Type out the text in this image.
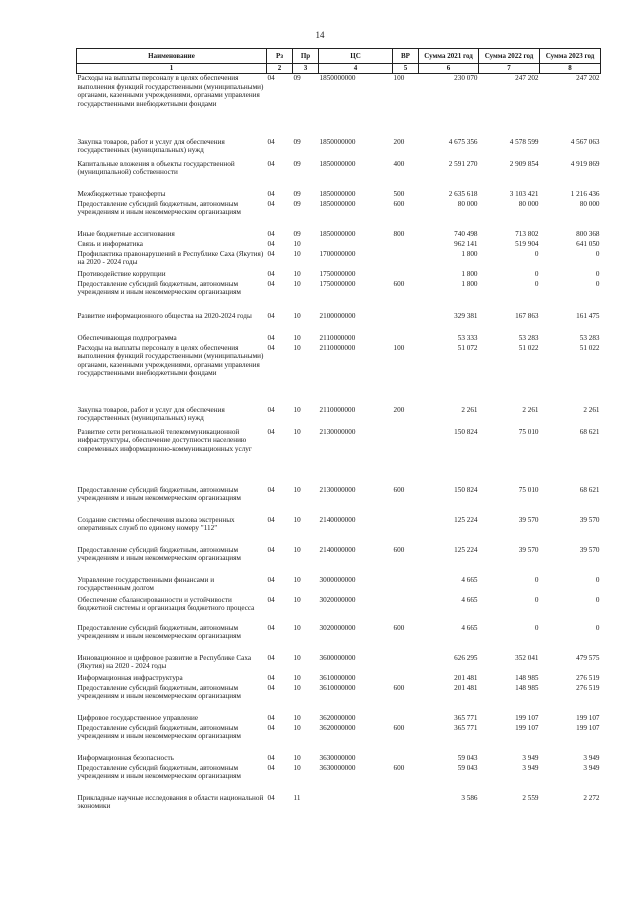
14
Наименование	Рз	Пр	ЦС	ВР	Сумма 2021 год	Сумма 2022 год	Сумма 2023 год
1	2	3	4	5	6	7	8
Расходы на выплаты персоналу в целях обеспечения выполнения функций государственными (муниципальными) органами, казенными учреждениями, органами управления государственными внебюджетными фондами	04	09	1850000000	100	230 070	247 202	247 202
Закупка товаров, работ и услуг для обеспечения государственных (муниципальных) нужд	04	09	1850000000	200	4 675 356	4 578 599	4 567 063
Капитальные вложения в объекты государственной (муниципальной) собственности	04	09	1850000000	400	2 591 270	2 909 854	4 919 869
Межбюджетные трансферты	04	09	1850000000	500	2 635 618	3 103 421	1 216 436
Предоставление субсидий бюджетным, автономным учреждениям и иным некоммерческим организациям	04	09	1850000000	600	80 000	80 000	80 000
Иные бюджетные ассигнования	04	09	1850000000	800	740 498	713 802	800 368
Связь и информатика	04	10			962 141	519 904	641 050
Профилактика правонарушений в Республике Саха (Якутия) на 2020 - 2024 годы	04	10	1700000000		1 800	0	0
Противодействие коррупции	04	10	1750000000		1 800	0	0
Предоставление субсидий бюджетным, автономным учреждениям и иным некоммерческим организациям	04	10	1750000000	600	1 800	0	0
Развитие информационного общества на 2020-2024 годы	04	10	2100000000		329 381	167 863	161 475
Обеспечивающая подпрограмма	04	10	2110000000		53 333	53 283	53 283
Расходы на выплаты персоналу в целях обеспечения выполнения функций государственными (муниципальными) органами, казенными учреждениями, органами управления государственными внебюджетными фондами	04	10	2110000000	100	51 072	51 022	51 022
Закупка товаров, работ и услуг для обеспечения государственных (муниципальных) нужд	04	10	2110000000	200	2 261	2 261	2 261
Развитие сети региональной телекоммуникационной инфраструктуры, обеспечение доступности населению современных информационно-коммуникационных услуг	04	10	2130000000		150 824	75 010	68 621
Предоставление субсидий бюджетным, автономным учреждениям и иным некоммерческим организациям	04	10	2130000000	600	150 824	75 010	68 621
Создание системы обеспечения вызова экстренных оперативных служб по единому номеру "112"	04	10	2140000000		125 224	39 570	39 570
Предоставление субсидий бюджетным, автономным учреждениям и иным некоммерческим организациям	04	10	2140000000	600	125 224	39 570	39 570
Управление государственными финансами и государственным долгом	04	10	3000000000		4 665	0	0
Обеспечение сбалансированности и устойчивости бюджетной системы и организация бюджетного процесса	04	10	3020000000		4 665	0	0
Предоставление субсидий бюджетным, автономным учреждениям и иным некоммерческим организациям	04	10	3020000000	600	4 665	0	0
Инновационное и цифровое развитие в Республике Саха (Якутия) на 2020 - 2024 годы	04	10	3600000000		626 295	352 041	479 575
Информационная инфраструктура	04	10	3610000000		201 481	148 985	276 519
Предоставление субсидий бюджетным, автономным учреждениям и иным некоммерческим организациям	04	10	3610000000	600	201 481	148 985	276 519
Цифровое государственное управление	04	10	3620000000		365 771	199 107	199 107
Предоставление субсидий бюджетным, автономным учреждениям и иным некоммерческим организациям	04	10	3620000000	600	365 771	199 107	199 107
Информационная безопасность	04	10	3630000000		59 043	3 949	3 949
Предоставление субсидий бюджетным, автономным учреждениям и иным некоммерческим организациям	04	10	3630000000	600	59 043	3 949	3 949
Прикладные научные исследования в области национальной экономики	04	11			3 586	2 559	2 272
